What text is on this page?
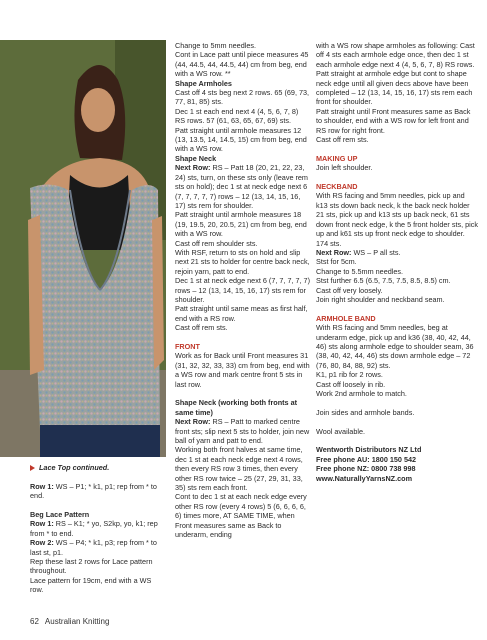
Lace Top continued.

Row 1: WS – P1; * k1, p1; rep from * to end.

Beg Lace Pattern

Row 1: RS – K1; * yo, S2kp, yo, k1; rep from * to end.

Row 2: WS – P4; * k1, p3; rep from * to last st, p1.

Rep these last 2 rows for Lace pattern throughout.

Lace pattern for 19cm, end with a WS row.

Change to 5mm needles.

Cont in Lace patt until piece measures 45 (44, 44.5, 44, 44.5, 44) cm from beg, end with a WS row. **

Shape Armholes

Cast off 4 sts beg next 2 rows. 65 (69, 73, 77, 81, 85) sts.

Dec 1 st each end next 4 (4, 5, 6, 7, 8) RS rows. 57 (61, 63, 65, 67, 69) sts.

Patt straight until armhole measures 12 (13, 13.5, 14, 14.5, 15) cm from beg, end with a WS row.

Shape Neck

Next Row: RS – Patt 18 (20, 21, 22, 23, 24) sts, turn, on these sts only (leave rem sts on hold); dec 1 st at neck edge next 6 (7, 7, 7, 7, 7) rows – 12 (13, 14, 15, 16, 17) sts rem for shoulder.

Patt straight until armhole measures 18 (19, 19.5, 20, 20.5, 21) cm from beg, end with a WS row.

Cast off rem shoulder sts.

With RSF, return to sts on hold and slip next 21 sts to holder for centre back neck, rejoin yarn, patt to end.

Dec 1 st at neck edge next 6 (7, 7, 7, 7, 7) rows – 12 (13, 14, 15, 16, 17) sts rem for shoulder.

Patt straight until same meas as first half, end with a RS row.

Cast off rem sts.

FRONT

Work as for Back until Front measures 31 (31, 32, 32, 33, 33) cm from beg, end with a WS row and mark centre front 5 sts in last row.

Shape Neck (working both fronts at same time)

Next Row: RS – Patt to marked centre front sts; slip next 5 sts to holder, join new ball of yarn and patt to end.

Working both front halves at same time, dec 1 st at each neck edge next 4 rows, then every RS row 3 times, then every other RS row twice – 25 (27, 29, 31, 33, 35) sts rem each front.

Cont to dec 1 st at each neck edge every other RS row (every 4 rows) 5 (6, 6, 6, 6, 6) times more, AT SAME TIME, when Front measures same as Back to underarm, ending

with a WS row shape armholes as following: Cast off 4 sts each armhole edge once, then dec 1 st each armhole edge next 4 (4, 5, 6, 7, 8) RS rows.

Patt straight at armhole edge but cont to shape neck edge until all given decs above have been completed – 12 (13, 14, 15, 16, 17) sts rem each front for shoulder.

Patt straight until Front measures same as Back to shoulder, end with a WS row for left front and RS row for right front.

Cast off rem sts.

MAKING UP

Join left shoulder.

NECKBAND

With RS facing and 5mm needles, pick up and k13 sts down back neck, k the back neck holder 21 sts, pick up and k13 sts up back neck, 61 sts down front neck edge, k the 5 front holder sts, pick up and k61 sts up front neck edge to shoulder. 174 sts.

Next Row: WS – P all sts.

Stst for 5cm.

Change to 5.5mm needles.

Stst further 6.5 (6.5, 7.5, 7.5, 8.5, 8.5) cm.

Cast off very loosely.

Join right shoulder and neckband seam.

ARMHOLE BAND

With RS facing and 5mm needles, beg at underarm edge, pick up and k36 (38, 40, 42, 44, 46) sts along armhole edge to shoulder seam, 36 (38, 40, 42, 44, 46) sts down armhole edge – 72 (76, 80, 84, 88, 92) sts.

K1, p1 rib for 2 rows.

Cast off loosely in rib.

Work 2nd armhole to match.

Join sides and armhole bands.

Wool available.

Wentworth Distributors NZ Ltd

Free phone AU: 1800 150 542

Free phone NZ: 0800 738 998

www.NaturallyYarnsNZ.com

62 Australian Knitting
